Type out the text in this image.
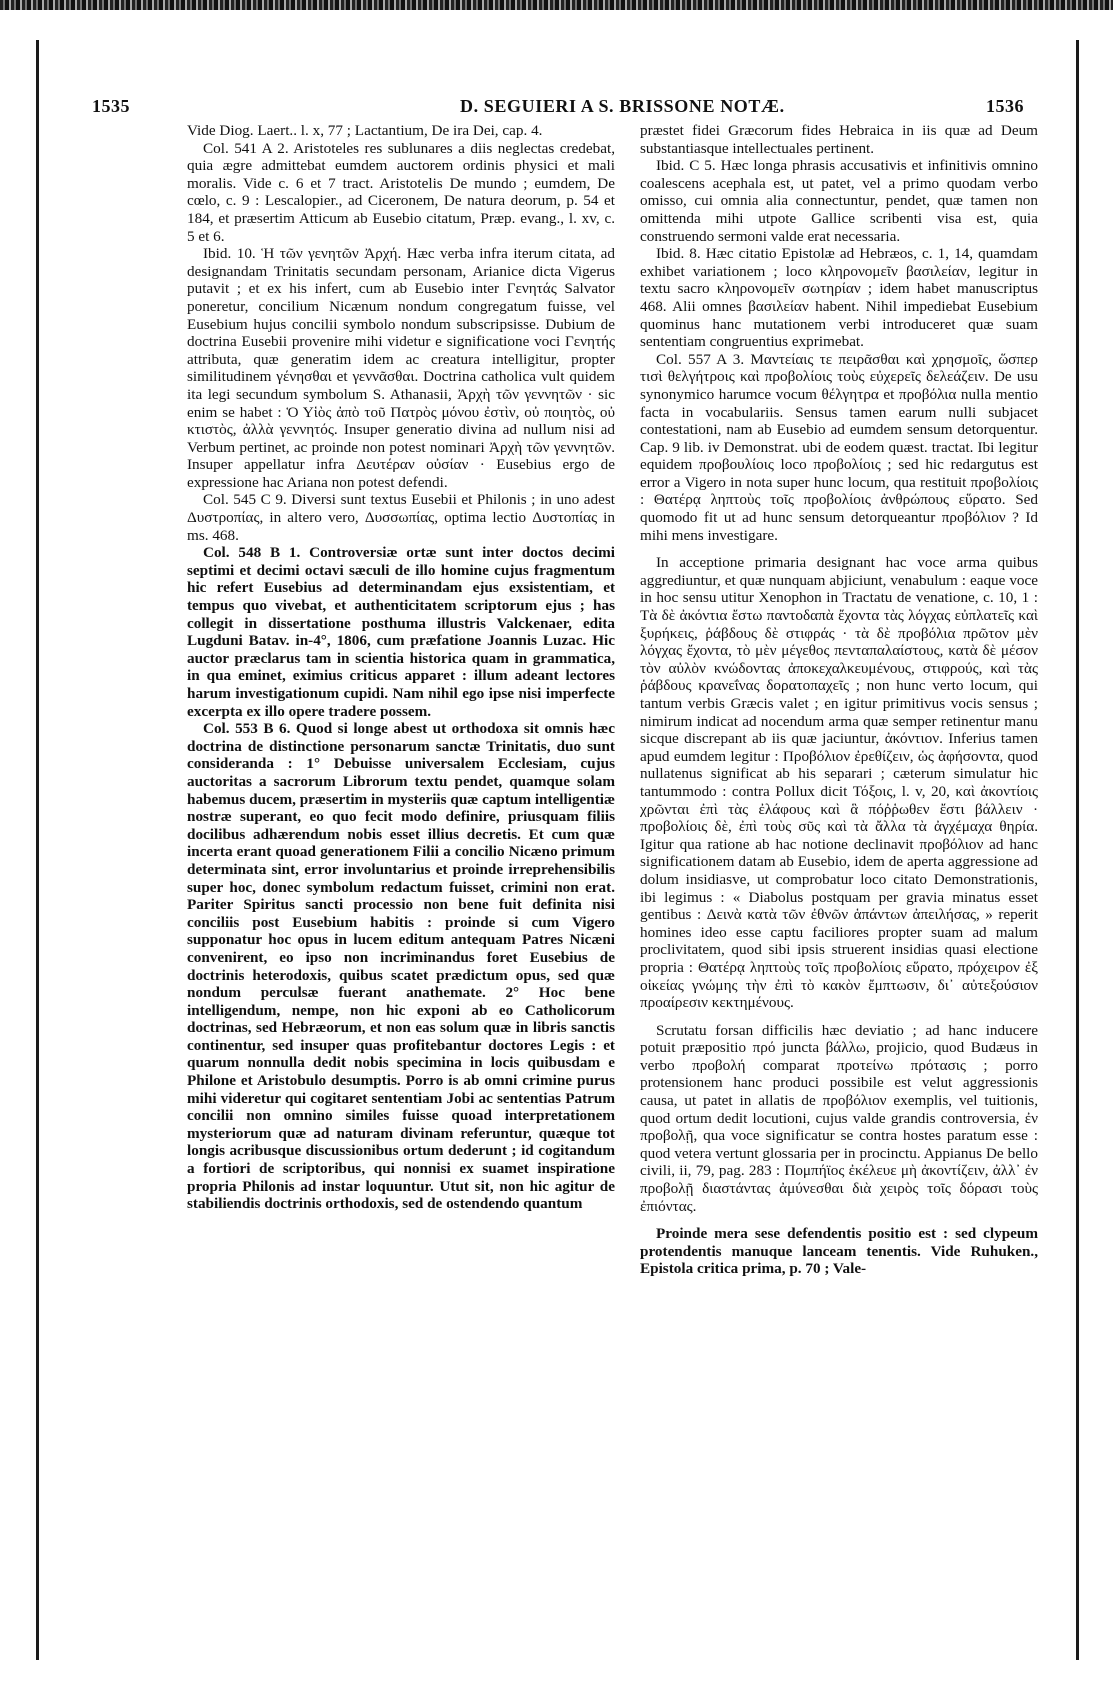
1535	D. SEGUIERI A S. BRISSONE NOTÆ.	1536

Vide Diog. Laert.. l. x, 77 ; Lactantium, De ira Dei, cap. 4.

Col. 541 A 2. Aristoteles res sublunares a diis neglectas credebat, quia ægre admittebat eumdem auctorem ordinis physici et mali moralis. Vide c. 6 et 7 tract. Aristotelis De mundo ; eumdem, De cœlo, c. 9 : Lescalopier., ad Ciceronem, De natura deorum, p. 54 et 184, et præsertim Atticum ab Eusebio citatum, Præp. evang., l. xv, c. 5 et 6.

Ibid. 10. Ἡ τῶν γενητῶν Ἀρχή. Hæc verba infra iterum citata, ad designandam Trinitatis secundam personam, Arianice dicta Vigerus putavit ; et ex his infert, cum ab Eusebio inter Γενητάς Salvator poneretur, concilium Nicænum nondum congregatum fuisse, vel Eusebium hujus concilii symbolo nondum subscripsisse. Dubium de doctrina Eusebii provenire mihi videtur e significatione voci Γενητής attributa, quæ generatim idem ac creatura intelligitur, propter similitudinem γένησθαι et γεννᾶσθαι. Doctrina catholica vult quidem ita legi secundum symbolum S. Athanasii, Ἀρχὴ τῶν γεννητῶν · sic enim se habet : Ὁ Υἱὸς ἀπὸ τοῦ Πατρὸς μόνου ἐστὶν, οὐ ποιητὸς, οὐ κτιστὸς, ἀλλὰ γεννητός. Insuper generatio divina ad nullum nisi ad Verbum pertinet, ac proinde non potest nominari Ἀρχὴ τῶν γεννητῶν. Insuper appellatur infra Δευτέραν οὐσίαν · Eusebius ergo de expressione hac Ariana non potest defendi.

Col. 545 C 9. Diversi sunt textus Eusebii et Philonis ; in uno adest Δυστροπίας, in altero vero, Δυσσωπίας, optima lectio Δυστοπίας in ms. 468.

Col. 548 B 1. Controversiæ ortæ sunt inter doctos decimi septimi et decimi octavi sæculi de illo homine cujus fragmentum hic refert Eusebius ad determinandam ejus exsistentiam, et tempus quo vivebat, et authenticitatem scriptorum ejus ; has collegit in dissertatione posthuma illustris Valckenaer, edita Lugduni Batav. in-4°, 1806, cum præfatione Joannis Luzac. Hic auctor præclarus tam in scientia historica quam in grammatica, in qua eminet, eximius criticus apparet : illum adeant lectores harum investigationum cupidi. Nam nihil ego ipse nisi imperfecte excerpta ex illo opere tradere possem.

Col. 553 B 6. Quod si longe abest ut orthodoxa sit omnis hæc doctrina de distinctione personarum sanctæ Trinitatis, duo sunt consideranda : 1° Debuisse universalem Ecclesiam, cujus auctoritas a sacrorum Librorum textu pendet, quamque solam habemus ducem, præsertim in mysteriis quæ captum intelligentiæ nostræ superant, eo quo fecit modo definire, priusquam filiis docilibus adhærendum nobis esset illius decretis. Et cum quæ incerta erant quoad generationem Filii a concilio Nicæno primum determinata sint, error involuntarius et proinde irreprehensibilis super hoc, donec symbolum redactum fuisset, crimini non erat. Pariter Spiritus sancti processio non bene fuit definita nisi conciliis post Eusebium habitis : proinde si cum Vigero supponatur hoc opus in lucem editum antequam Patres Nicæni convenirent, eo ipso non incriminandus foret Eusebius de doctrinis heterodoxis, quibus scatet prædictum opus, sed quæ nondum perculsæ fuerant anathemate. 2° Hoc bene intelligendum, nempe, non hic exponi ab eo Catholicorum doctrinas, sed Hebræorum, et non eas solum quæ in libris sanctis continentur, sed insuper quas profitebantur doctores Legis : et quarum nonnulla dedit nobis specimina in locis quibusdam e Philone et Aristobulo desumptis. Porro is ab omni crimine purus mihi videretur qui cogitaret sententiam Jobi ac sententias Patrum concilii non omnino similes fuisse quoad interpretationem mysteriorum quæ ad naturam divinam referuntur, quæque tot longis acribusque discussionibus ortum dederunt ; id cogitandum a fortiori de scriptoribus, qui nonnisi ex suamet inspiratione propria Philonis ad instar loquuntur. Utut sit, non hic agitur de stabiliendis doctrinis orthodoxis, sed de ostendendo quantum

præstet fidei Græcorum fides Hebraica in iis quæ ad Deum substantiasque intellectuales pertinent.

Ibid. C 5. Hæc longa phrasis accusativis et infinitivis omnino coalescens acephala est, ut patet, vel a primo quodam verbo omisso, cui omnia alia connectuntur, pendet, quæ tamen non omittenda mihi utpote Gallice scribenti visa est, quia construendo sermoni valde erat necessaria.

Ibid. 8. Hæc citatio Epistolæ ad Hebræos, c. 1, 14, quamdam exhibet variationem ; loco κληρονομεῖν βασιλείαν, legitur in textu sacro κληρονομεῖν σωτηρίαν ; idem habet manuscriptus 468. Alii omnes βασιλείαν habent. Nihil impediebat Eusebium quominus hanc mutationem verbi introduceret quæ suam sententiam congruentius exprimebat.

Col. 557 A 3. Μαντείαις τε πειρᾶσθαι καὶ χρησμοῖς, ὥσπερ τισὶ θελγήτροις καὶ προβολίοις τοὺς εὐχερεῖς δελεάζειν. De usu synonymico harumce vocum θέλγητρα et προβόλια nulla mentio facta in vocabulariis. Sensus tamen earum nulli subjacet contestationi, nam ab Eusebio ad eumdem sensum detorquentur. Cap. 9 lib. iv Demonstrat. ubi de eodem quæst. tractat. Ibi legitur equidem προβουλίοις loco προβολίοις ; sed hic redargutus est error a Vigero in nota super hunc locum, qua restituit προβολίοις : Θατέρᾳ ληπτοὺς τοῖς προβολίοις ἀνθρώπους εὕρατο. Sed quomodo fit ut ad hunc sensum detorqueantur προβόλιον ? Id mihi mens investigare.

In acceptione primaria designant hac voce arma quibus aggrediuntur, et quæ nunquam abjiciunt, venabulum : eaque voce in hoc sensu utitur Xenophon in Tractatu de venatione, c. 10, 1 : Τὰ δὲ ἀκόντια ἔστω παντοδαπὰ ἔχοντα τὰς λόγχας εὐπλατεῖς καὶ ξυρήκεις, ῥάβδους δὲ στιφράς · τὰ δὲ προβόλια πρῶτον μὲν λόγχας ἔχοντα, τὸ μὲν μέγεθος πενταπαλαίστους, κατὰ δὲ μέσον τὸν αὐλὸν κνώδοντας ἀποκεχαλκευμένους, στιφρούς, καὶ τὰς ῥάβδους κρανεΐνας δορατοπαχεῖς ; non hunc verto locum, qui tantum verbis Græcis valet ; en igitur primitivus vocis sensus ; nimirum indicat ad nocendum arma quæ semper retinentur manu sicque discrepant ab iis quæ jaciuntur, ἀκόντιον. Inferius tamen apud eumdem legitur : Προβόλιον ἐρεθίζειν, ὡς ἀφήσοντα, quod nullatenus significat ab his separari ; cæterum simulatur hic tantummodo : contra Pollux dicit Τόξοις, l. v, 20, καὶ ἀκοντίοις χρῶνται ἐπὶ τὰς ἐλάφους καὶ ἃ πόῤῥωθεν ἔστι βάλλειν · προβολίοις δὲ, ἐπὶ τοὺς σῦς καὶ τὰ ἄλλα τὰ ἀγχέμαχα θηρία. Igitur qua ratione ab hac notione declinavit προβόλιον ad hanc significationem datam ab Eusebio, idem de aperta aggressione ad dolum insidiasve, ut comprobatur loco citato Demonstrationis, ibi legimus : « Diabolus postquam per gravia minatus esset gentibus : Δεινὰ κατὰ τῶν ἐθνῶν ἁπάντων ἀπειλήσας, » reperit homines ideo esse captu faciliores propter suam ad malum proclivitatem, quod sibi ipsis struerent insidias quasi electione propria : Θατέρᾳ ληπτοὺς τοῖς προβολίοις εὕρατο, πρόχειρον ἐξ οἰκείας γνώμης τὴν ἐπὶ τὸ κακὸν ἔμπτωσιν, δι᾽ αὐτεξούσιον προαίρεσιν κεκτημένους.

Scrutatu forsan difficilis hæc deviatio ; ad hanc inducere potuit præpositio πρό juncta βάλλω, projicio, quod Budæus in verbo προβολή comparat προτείνω πρότασις ; porro protensionem hanc produci possibile est velut aggressionis causa, ut patet in allatis de προβόλιον exemplis, vel tuitionis, quod ortum dedit locutioni, cujus valde grandis controversia, ἐν προβολῇ, qua voce significatur se contra hostes paratum esse : quod vetera vertunt glossaria per in procinctu. Appianus De bello civili, ii, 79, pag. 283 : Πομπήϊος ἐκέλευε μὴ ἀκοντίζειν, ἀλλ᾽ ἐν προβολῇ διαστάντας ἀμύνεσθαι διὰ χειρὸς τοῖς δόρασι τοὺς ἐπιόντας.

Proinde mera sese defendentis positio est : sed clypeum protendentis manuque lanceam tenentis. Vide Ruhuken., Epistola critica prima, p. 70 ; Vale-
